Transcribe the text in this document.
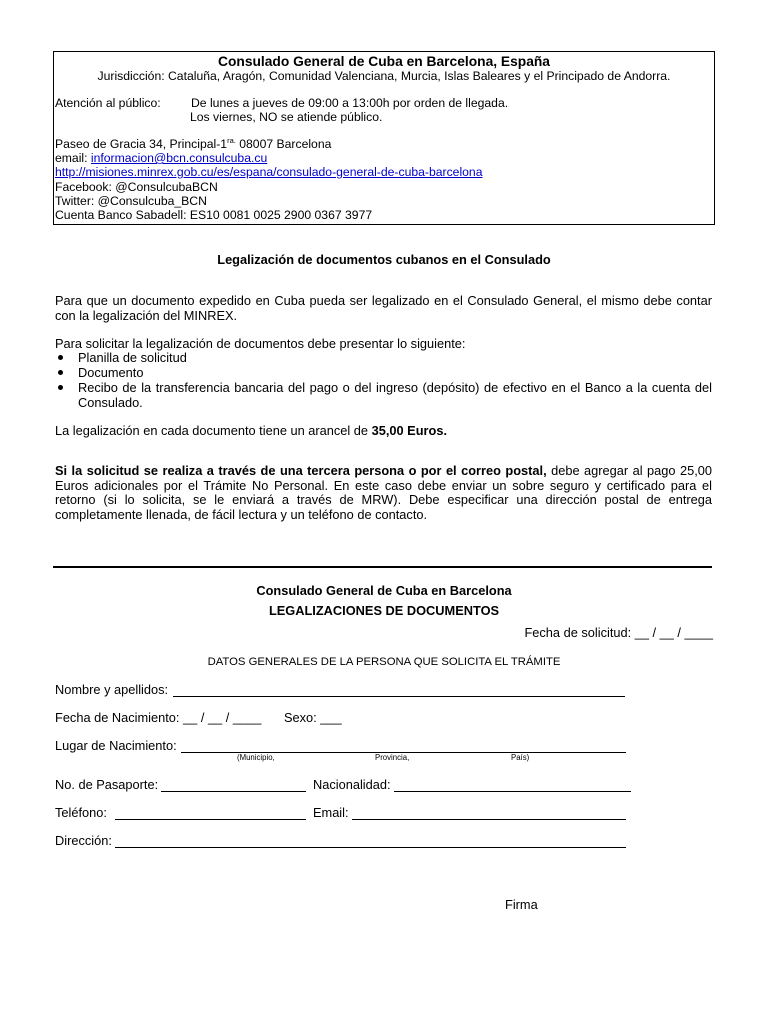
Consulado General de Cuba en Barcelona, España
Jurisdicción: Cataluña, Aragón, Comunidad Valenciana, Murcia, Islas Baleares y el Principado de Andorra.
Atención al público: De lunes a jueves de 09:00 a 13:00h por orden de llegada.
Los viernes, NO se atiende público.
Paseo de Gracia 34, Principal-$1^{ra.}$ 08007 Barcelona
email: informacion@bcn.consulcuba.cu
http://misiones.minrex.gob.cu/es/espana/consulado-general-de-cuba-barcelona
Facebook: @ConsulcubaBCN
Twitter: @Consulcuba_BCN
Cuenta Banco Sabadell: ES10 0081 0025 2900 0367 3977
Legalización de documentos cubanos en el Consulado
Para que un documento expedido en Cuba pueda ser legalizado en el Consulado General, el mismo debe contar con la legalización del MINREX.
Para solicitar la legalización de documentos debe presentar lo siguiente:
Planilla de solicitud
Documento
Recibo de la transferencia bancaria del pago o del ingreso (depósito) de efectivo en el Banco a la cuenta del Consulado.
La legalización en cada documento tiene un arancel de 35,00 Euros.
Si la solicitud se realiza a través de una tercera persona o por el correo postal, debe agregar al pago 25,00 Euros adicionales por el Trámite No Personal. En este caso debe enviar un sobre seguro y certificado para el retorno (si lo solicita, se le enviará a través de MRW). Debe especificar una dirección postal de entrega completamente llenada, de fácil lectura y un teléfono de contacto.
Consulado General de Cuba en Barcelona
LEGALIZACIONES DE DOCUMENTOS
Fecha de solicitud: __ / __ / ____
DATOS GENERALES DE LA PERSONA QUE SOLICITA EL TRÁMITE
Nombre y apellidos:
Fecha de Nacimiento: __ / __ / ____ Sexo: ___
Lugar de Nacimiento:
(Municipio,	Provincia,	País)
No. de Pasaporte:	Nacionalidad:
Teléfono:	Email:
Dirección:
Firma
